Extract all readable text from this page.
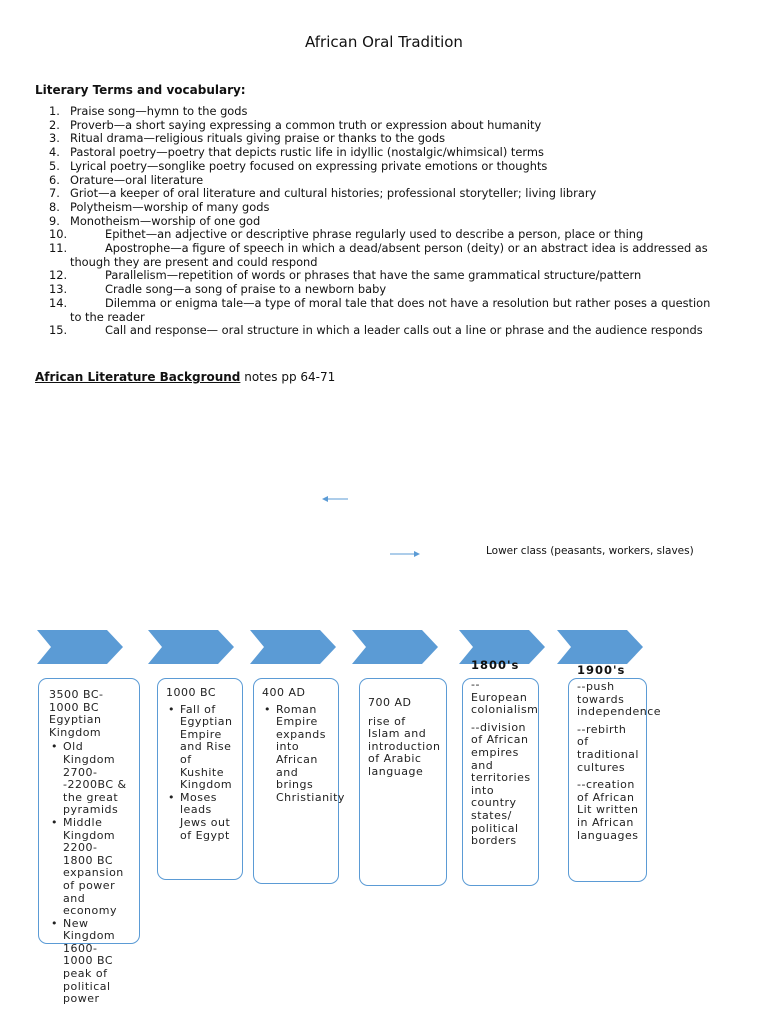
African Oral Tradition
Literary Terms and vocabulary:
1. Praise song—hymn to the gods
2. Proverb—a short saying expressing a common truth or expression about humanity
3. Ritual drama—religious rituals giving praise or thanks to the gods
4. Pastoral poetry—poetry that depicts rustic life in idyllic (nostalgic/whimsical) terms
5. Lyrical poetry—songlike poetry focused on expressing private emotions or thoughts
6. Orature—oral literature
7. Griot—a keeper of oral literature and cultural histories; professional storyteller; living library
8. Polytheism—worship of many gods
9. Monotheism—worship of one god
10.	Epithet—an adjective or descriptive phrase regularly used to describe a person, place or thing
11.	Apostrophe—a figure of speech in which a dead/absent person (deity) or an abstract idea is addressed as
though they are present and could respond
12.	Parallelism—repetition of words or phrases that have the same grammatical structure/pattern
13.	Cradle song—a song of praise to a newborn baby
14.	Dilemma or enigma tale—a type of moral tale that does not have a resolution but rather poses a question
to the reader
15.	Call and response— oral structure in which a leader calls out a line or phrase and the audience responds
African Literature Background notes pp 64-71
Lower class (peasants, workers, slaves)
1800's	1900's
3500 BC-1000 BC Egyptian Kingdom
• Old Kingdom 2700--2200BC & the great pyramids
• Middle Kingdom 2200-1800 BC expansion of power and economy
• New Kingdom 1600-1000 BC peak of political power
1000 BC
• Fall of Egyptian Empire and Rise of Kushite Kingdom
• Moses leads Jews out of Egypt
400 AD
• Roman Empire expands into African and brings Christianity
700 AD
rise of Islam and introduction of Arabic language
--European colonialism
--division of African empires and territories into country states/ political borders
--push towards independence
--rebirth of traditional cultures
--creation of African Lit written in African languages
